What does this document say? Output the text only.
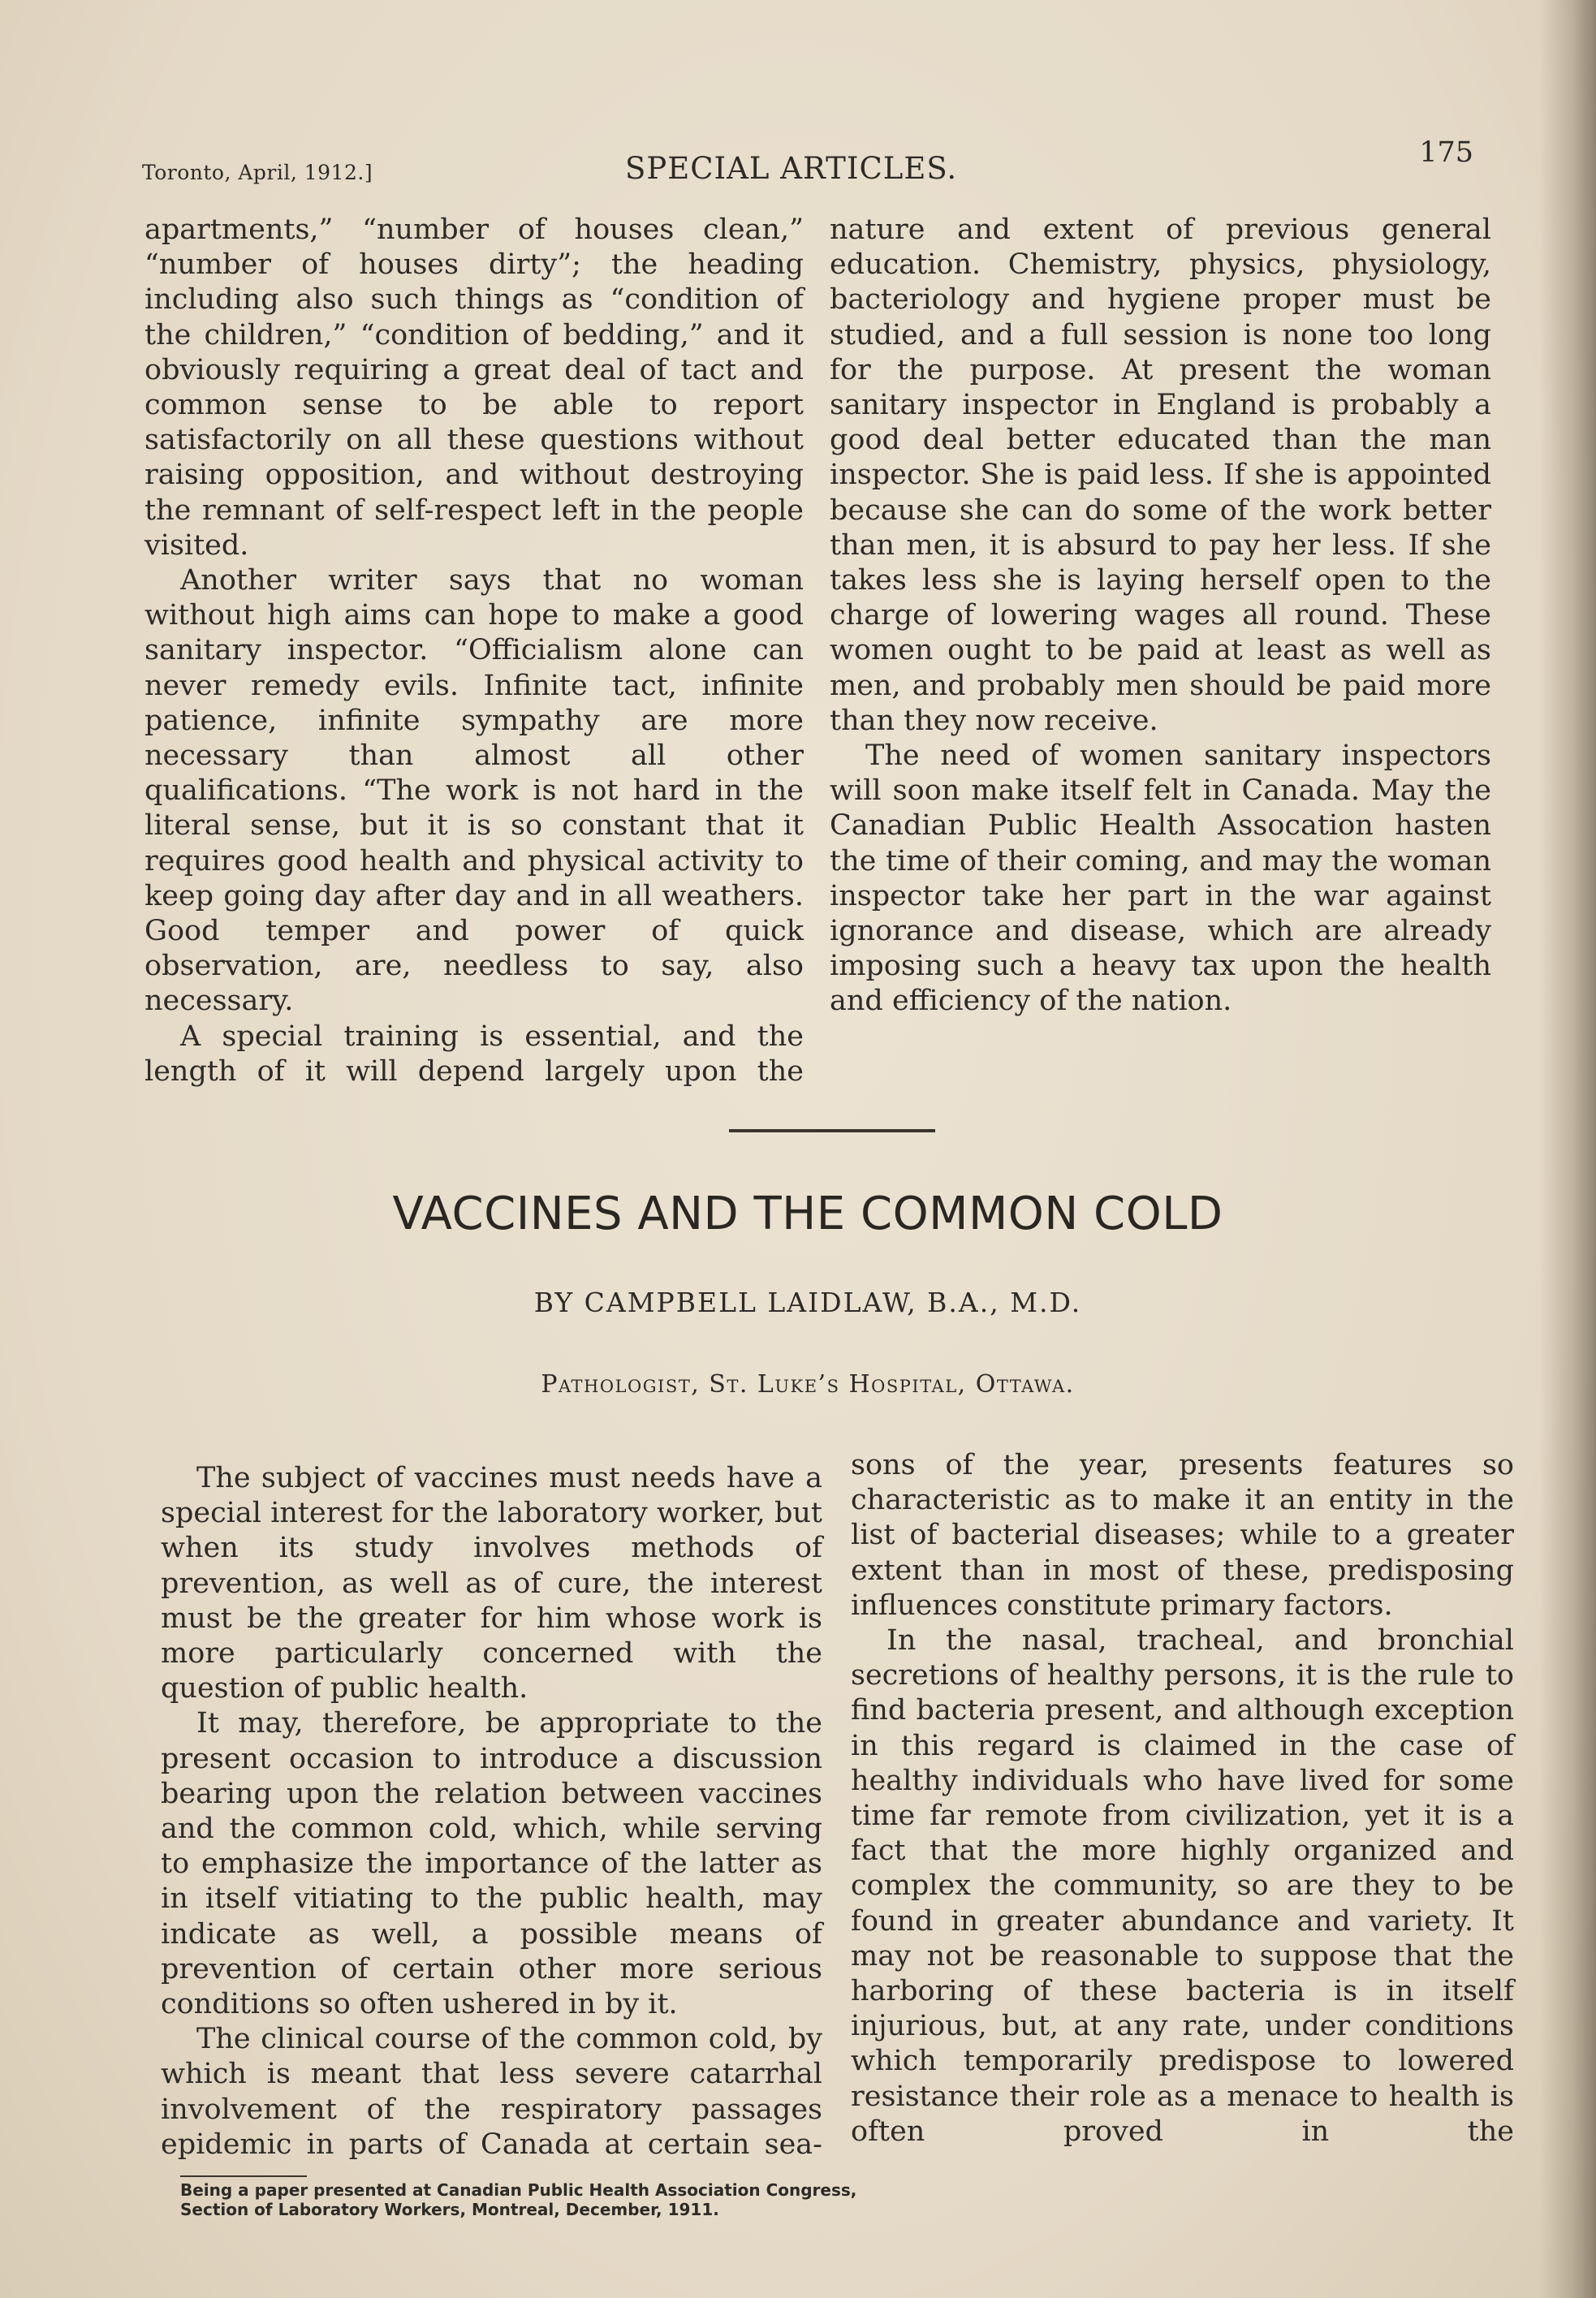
Toronto, April, 1912.]	SPECIAL ARTICLES.	175

apartments,” “number of houses clean,” “number of houses dirty”; the heading including also such things as “condition of the children,” “condition of bedding,” and it obviously requiring a great deal of tact and common sense to be able to report satisfactorily on all these questions without raising opposition, and without destroying the remnant of self-respect left in the people visited.

Another writer says that no woman without high aims can hope to make a good sanitary inspector. “Officialism alone can never remedy evils. Infinite tact, infinite patience, infinite sympathy are more necessary than almost all other qualifications. “The work is not hard in the literal sense, but it is so constant that it requires good health and physical activity to keep going day after day and in all weathers. Good temper and power of quick observation, are, needless to say, also necessary.

A special training is essential, and the length of it will depend largely upon the

nature and extent of previous general education. Chemistry, physics, physiology, bacteriology and hygiene proper must be studied, and a full session is none too long for the purpose. At present the woman sanitary inspector in England is probably a good deal better educated than the man inspector. She is paid less. If she is appointed because she can do some of the work better than men, it is absurd to pay her less. If she takes less she is laying herself open to the charge of lowering wages all round. These women ought to be paid at least as well as men, and probably men should be paid more than they now receive.

The need of women sanitary inspectors will soon make itself felt in Canada. May the Canadian Public Health Assocation hasten the time of their coming, and may the woman inspector take her part in the war against ignorance and disease, which are already imposing such a heavy tax upon the health and efficiency of the nation.

VACCINES AND THE COMMON COLD
BY CAMPBELL LAIDLAW, B.A., M.D.
Pathologist, St. Luke’s Hospital, Ottawa.

The subject of vaccines must needs have a special interest for the laboratory worker, but when its study involves methods of prevention, as well as of cure, the interest must be the greater for him whose work is more particularly concerned with the question of public health.

It may, therefore, be appropriate to the present occasion to introduce a discussion bearing upon the relation between vaccines and the common cold, which, while serving to emphasize the importance of the latter as in itself vitiating to the public health, may indicate as well, a possible means of prevention of certain other more serious conditions so often ushered in by it.

The clinical course of the common cold, by which is meant that less severe catarrhal involvement of the respiratory passages epidemic in parts of Canada at certain sea-

sons of the year, presents features so characteristic as to make it an entity in the list of bacterial diseases; while to a greater extent than in most of these, predisposing influences constitute primary factors.

In the nasal, tracheal, and bronchial secretions of healthy persons, it is the rule to find bacteria present, and although exception in this regard is claimed in the case of healthy individuals who have lived for some time far remote from civilization, yet it is a fact that the more highly organized and complex the community, so are they to be found in greater abundance and variety. It may not be reasonable to suppose that the harboring of these bacteria is in itself injurious, but, at any rate, under conditions which temporarily predispose to lowered resistance their role as a menace to health is often proved in the

Being a paper presented at Canadian Public Health Association Congress,
Section of Laboratory Workers, Montreal, December, 1911.
